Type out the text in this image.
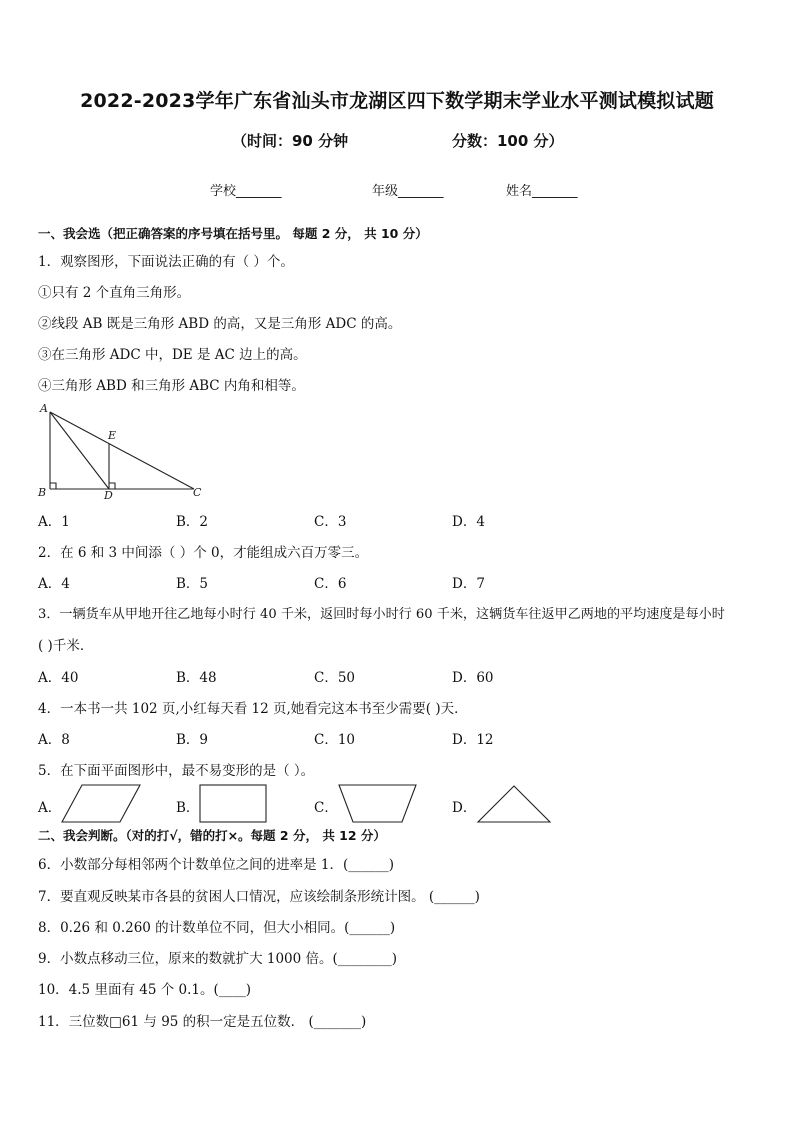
2022-2023学年广东省汕头市龙湖区四下数学期末学业水平测试模拟试题
（时间：90 分钟	分数：100 分）
学校_______	年级_______	姓名_______
一、我会选（把正确答案的序号填在括号里。 每题 2 分， 共 10 分）
1．观察图形，下面说法正确的有（ ）个。
①只有 2 个直角三角形。
②线段 AB 既是三角形 ABD 的高，又是三角形 ADC 的高。
③在三角形 ADC 中，DE 是 AC 边上的高。
④三角形 ABD 和三角形 ABC 内角和相等。
A
B	C
D
E
A．1	B．2	C．3	D．4
2．在 6 和 3 中间添（ ）个 0，才能组成六百万零三。
A．4	B．5	C．6	D．7
3．一辆货车从甲地开往乙地每小时行 40 千米，返回时每小时行 60 千米，这辆货车往返甲乙两地的平均速度是每小时
( )千米．
A．40	B．48	C．50	D．60
4．一本书一共 102 页,小红每天看 12 页,她看完这本书至少需要( )天．
A．8	B．9	C．10	D．12
5．在下面平面图形中，最不易变形的是（ ）。
A．	B．	C．	D．
二、我会判断。（对的打√，错的打×。每题 2 分， 共 12 分）
6．小数部分每相邻两个计数单位之间的进率是 1．(______)
7．要直观反映某市各县的贫困人口情况，应该绘制条形统计图。 (______)
8．0.26 和 0.260 的计数单位不同，但大小相同。(______)
9．小数点移动三位，原来的数就扩大 1000 倍。(________)
10．4.5 里面有 45 个 0.1。(____)
11．三位数□61 与 95 的积一定是五位数． (_______)
